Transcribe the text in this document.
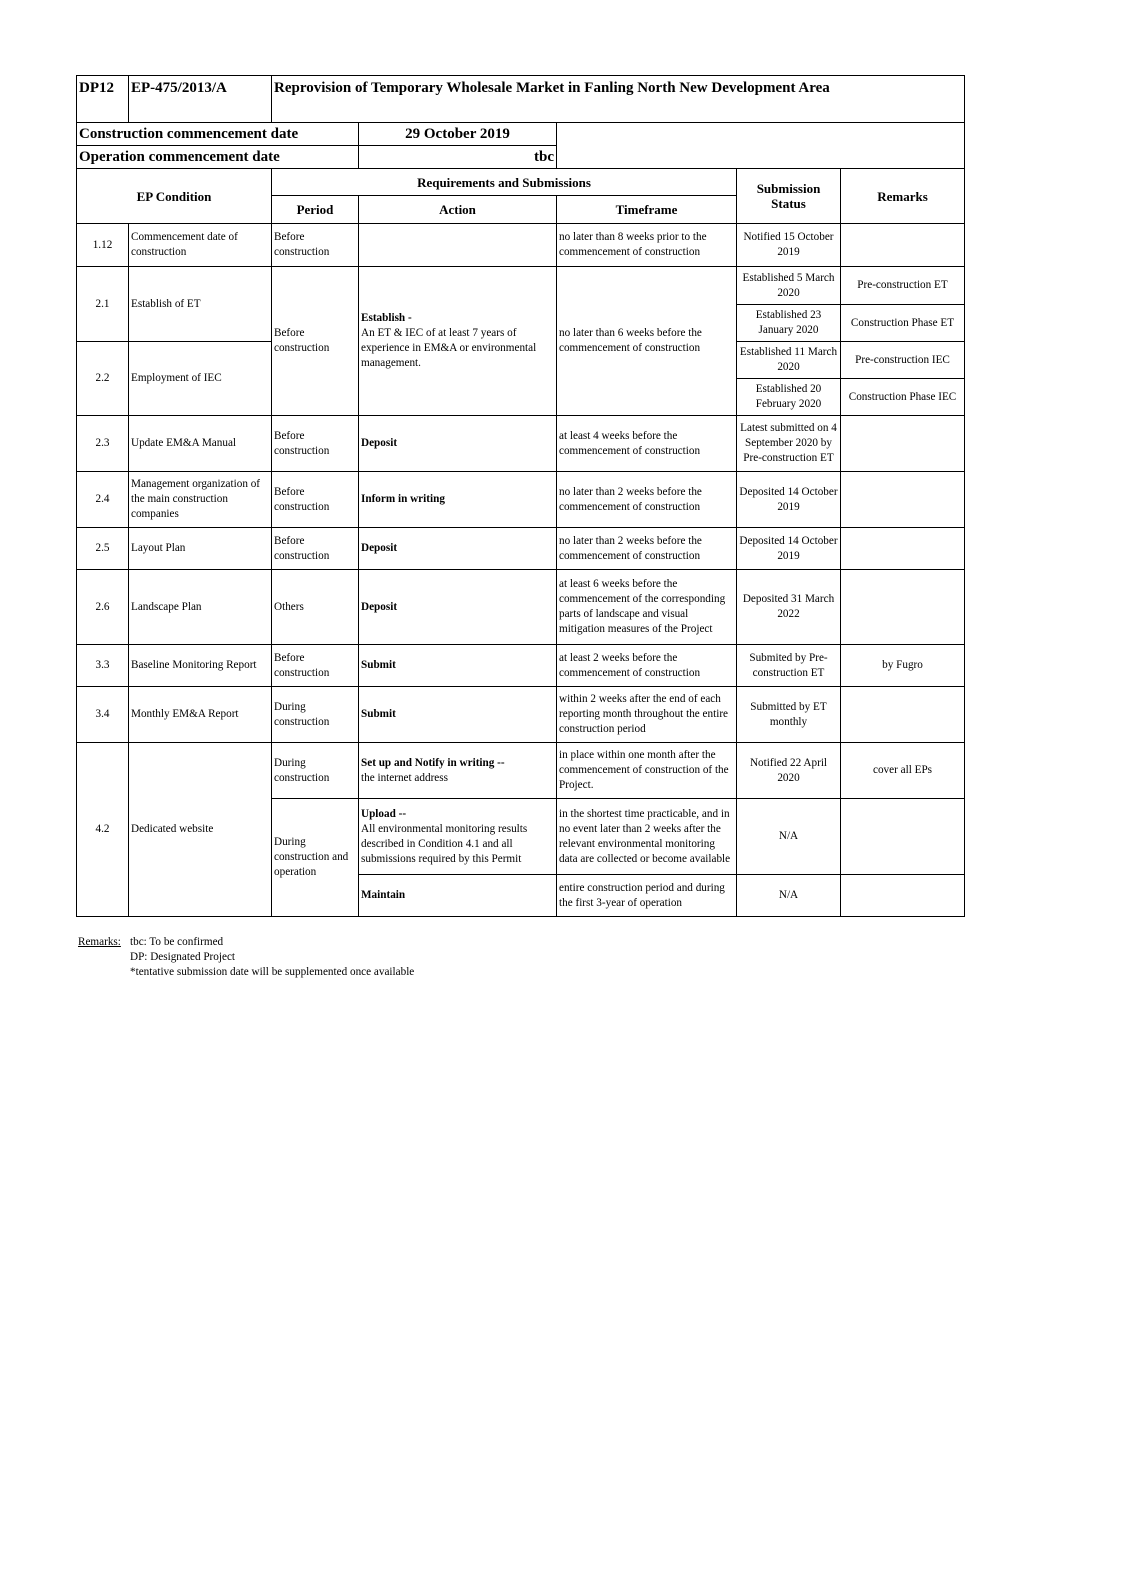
DP12	EP-475/2013/A	Reprovision of Temporary Wholesale Market in Fanling North New Development Area				
Construction commencement date			29 October 2019			
Operation commencement date			tbc			
EP Condition		Requirements and Submissions			Submission Status	Remarks
		Period	Action	Timeframe		
1.12	Commencement date of construction	Before construction		no later than 8 weeks prior to the commencement of construction	Notified 15 October 2019	
2.1	Establish of ET	Before construction	Establish -
An ET & IEC of at least 7 years of experience in EM&A or environmental management.	no later than 6 weeks before the commencement of construction	Established 5 March 2020	Pre-construction ET
					Established 23 January 2020	Construction Phase ET
2.2	Employment of IEC				Established 11 March 2020	Pre-construction IEC
					Established 20 February 2020	Construction Phase IEC
2.3	Update EM&A Manual	Before construction	Deposit	at least 4 weeks before the commencement of construction	Latest submitted on 4 September 2020 by Pre-construction ET	
2.4	Management organization of the main construction companies	Before construction	Inform in writing	no later than 2 weeks before the commencement of construction	Deposited 14 October 2019	
2.5	Layout Plan	Before construction	Deposit	no later than 2 weeks before the commencement of construction	Deposited 14 October 2019	
2.6	Landscape Plan	Others	Deposit	at least 6 weeks before the commencement of the corresponding parts of landscape and visual mitigation measures of the Project	Deposited 31 March 2022	
3.3	Baseline Monitoring Report	Before construction	Submit	at least 2 weeks before the commencement of construction	Submited by Pre-construction ET	by Fugro
3.4	Monthly EM&A Report	During construction	Submit	within 2 weeks after the end of each reporting month throughout the entire construction period	Submitted by ET monthly	
4.2	Dedicated website	During construction	Set up and Notify in writing --
the internet address	in place within one month after the commencement of construction of the Project.	Notified 22 April 2020	cover all EPs
		During construction and operation	Upload --
All environmental monitoring results described in Condition 4.1 and all submissions required by this Permit	in the shortest time practicable, and in no event later than 2 weeks after the relevant environmental monitoring data are collected or become available	N/A	
			Maintain	entire construction period and during the first 3-year of operation	N/A	
Remarks: tbc: To be confirmed
DP: Designated Project
*tentative submission date will be supplemented once available
